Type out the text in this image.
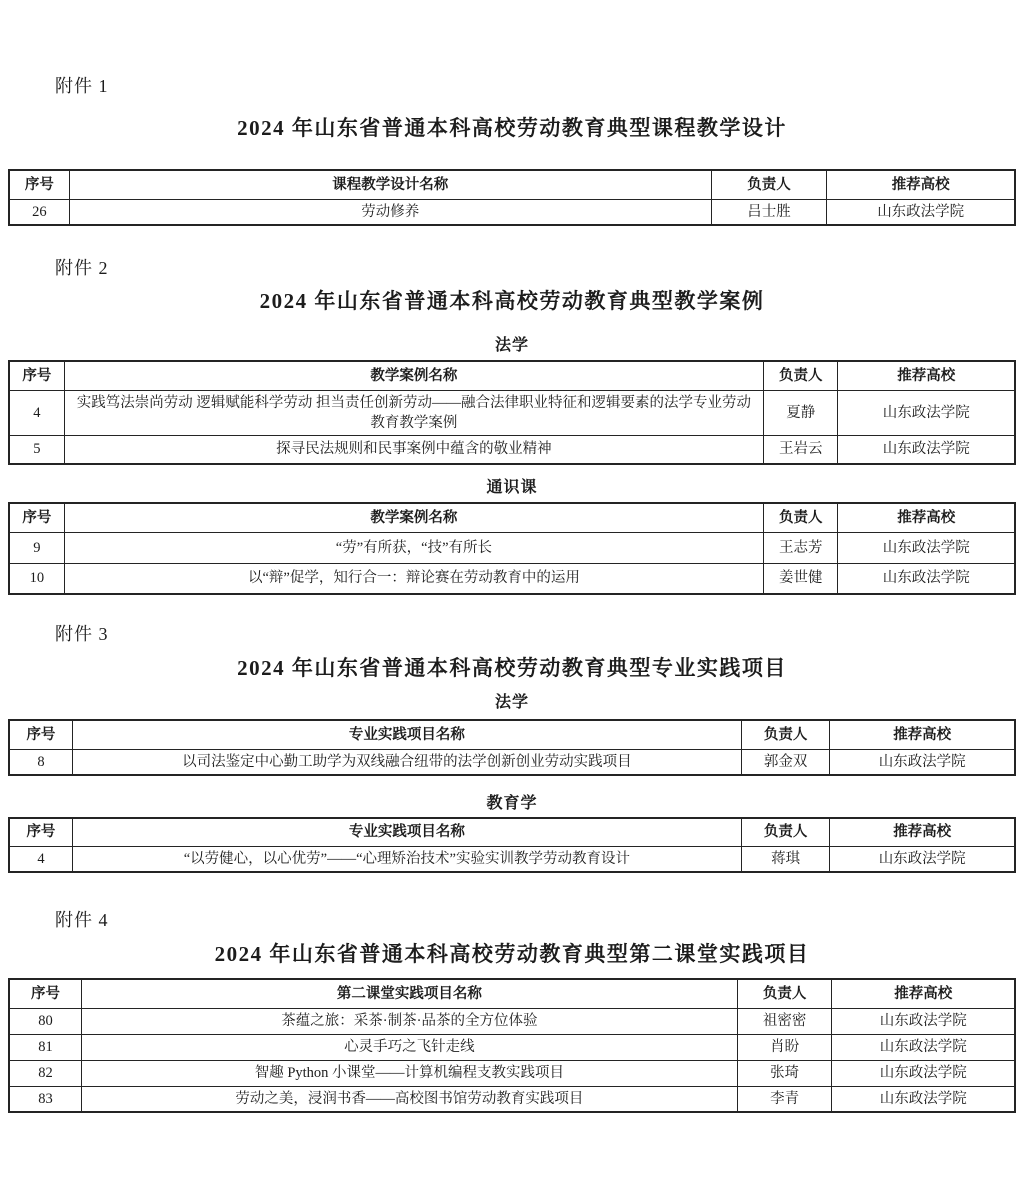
附件 1
2024 年山东省普通本科高校劳动教育典型课程教学设计
序号	课程教学设计名称	负责人	推荐高校
26	劳动修养	吕士胜	山东政法学院
附件 2
2024 年山东省普通本科高校劳动教育典型教学案例
法学
序号	教学案例名称	负责人	推荐高校
4	实践笃法崇尚劳动 逻辑赋能科学劳动 担当责任创新劳动——融合法律职业特征和逻辑要素的法学专业劳动教育教学案例	夏静	山东政法学院
5	探寻民法规则和民事案例中蕴含的敬业精神	王岩云	山东政法学院
通识课
序号	教学案例名称	负责人	推荐高校
9	“劳”有所获，“技”有所长	王志芳	山东政法学院
10	以“辩”促学，知行合一：辩论赛在劳动教育中的运用	姜世健	山东政法学院
附件 3
2024 年山东省普通本科高校劳动教育典型专业实践项目
法学
序号	专业实践项目名称	负责人	推荐高校
8	以司法鉴定中心勤工助学为双线融合纽带的法学创新创业劳动实践项目	郭金双	山东政法学院
教育学
序号	专业实践项目名称	负责人	推荐高校
4	“以劳健心，以心优劳”——“心理矫治技术”实验实训教学劳动教育设计	蒋琪	山东政法学院
附件 4
2024 年山东省普通本科高校劳动教育典型第二课堂实践项目
序号	第二课堂实践项目名称	负责人	推荐高校
80	茶蕴之旅：采茶·制茶·品茶的全方位体验	祖密密	山东政法学院
81	心灵手巧之飞针走线	肖盼	山东政法学院
82	智趣 Python 小课堂——计算机编程支教实践项目	张琦	山东政法学院
83	劳动之美，浸润书香——高校图书馆劳动教育实践项目	李青	山东政法学院
